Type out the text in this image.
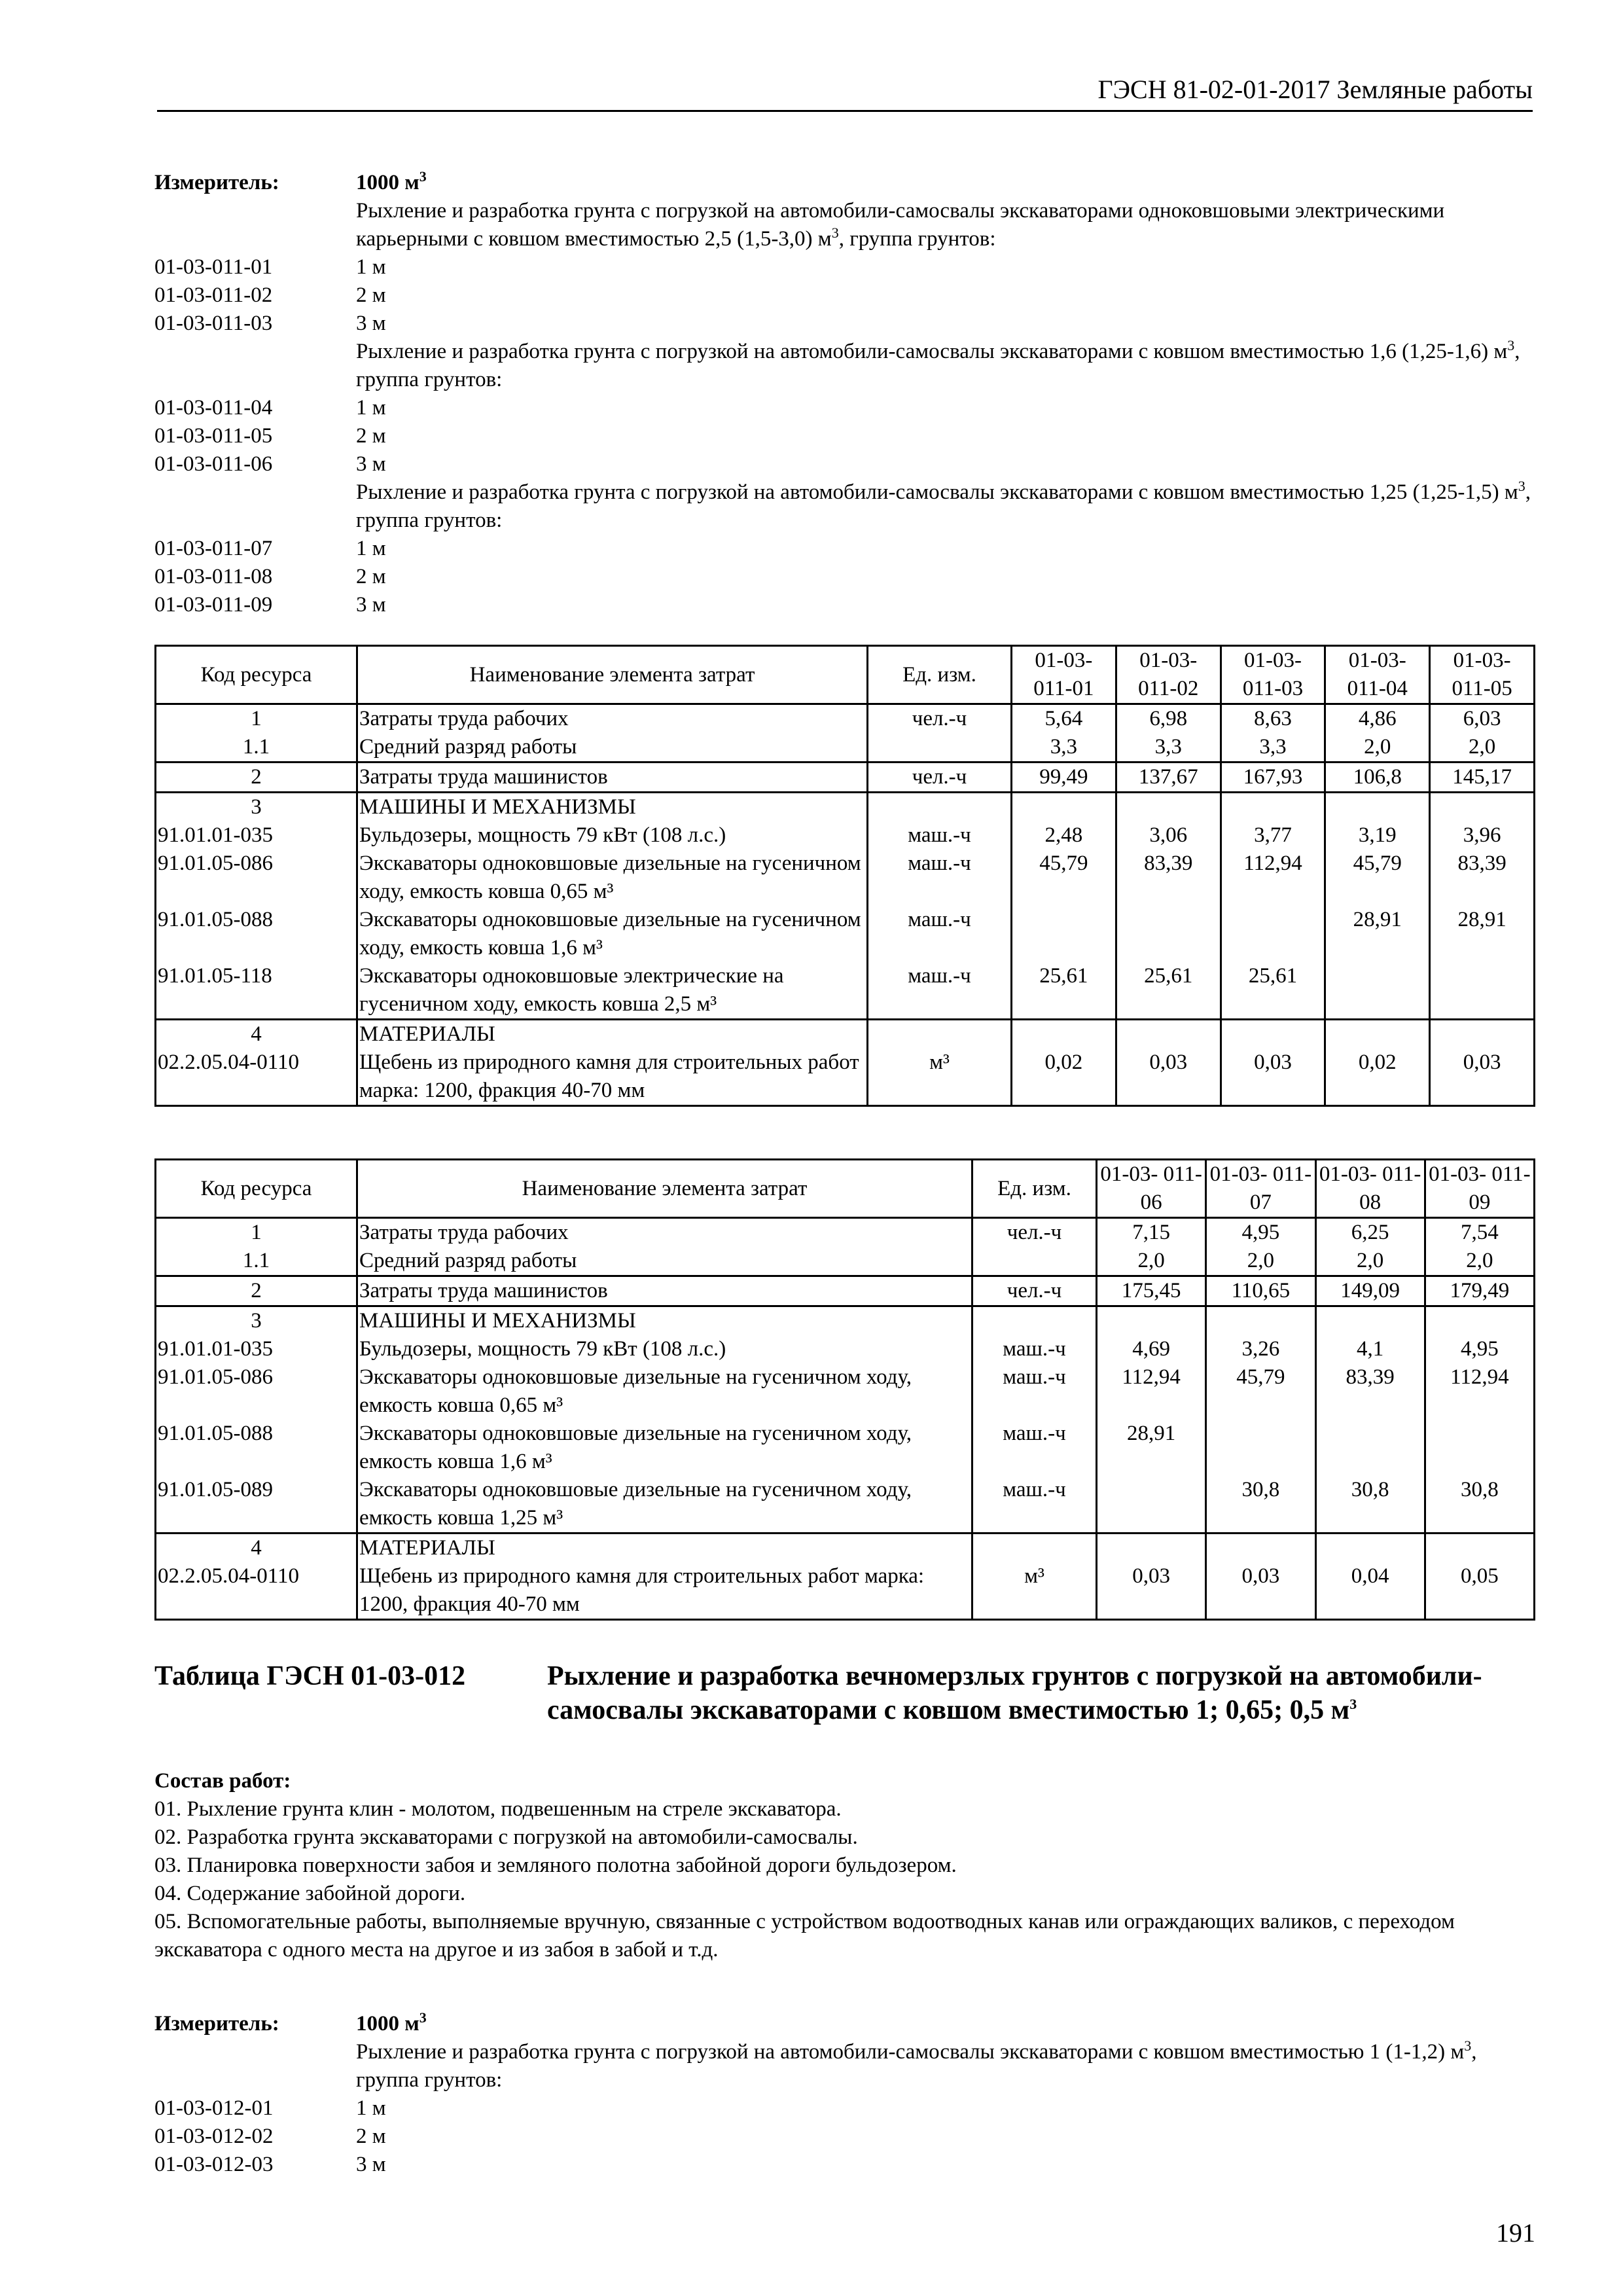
ГЭСН 81-02-01-2017 Земляные работы
Измеритель:	1000 $м^3$
Рыхление и разработка грунта с погрузкой на автомобили-самосвалы экскаваторами одноковшовыми электрическими карьерными с ковшом вместимостью 2,5 (1,5-3,0) $м^3$, группа грунтов:
01-03-011-01	1 м
01-03-011-02	2 м
01-03-011-03	3 м
Рыхление и разработка грунта с погрузкой на автомобили-самосвалы экскаваторами с ковшом вместимостью 1,6 (1,25-1,6) $м^3$, группа грунтов:
01-03-011-04	1 м
01-03-011-05	2 м
01-03-011-06	3 м
Рыхление и разработка грунта с погрузкой на автомобили-самосвалы экскаваторами с ковшом вместимостью 1,25 (1,25-1,5) $м^3$, группа грунтов:
01-03-011-07	1 м
01-03-011-08	2 м
01-03-011-09	3 м
Код ресурса	Наименование элемента затрат	Ед. изм.	01-03- 011-01	01-03- 011-02	01-03- 011-03	01-03- 011-04	01-03- 011-05
1	Затраты труда рабочих	чел.-ч	5,64	6,98	8,63	4,86	6,03
1.1	Средний разряд работы		3,3	3,3	3,3	2,0	2,0
2	Затраты труда машинистов	чел.-ч	99,49	137,67	167,93	106,8	145,17
3	МАШИНЫ И МЕХАНИЗМЫ						
91.01.01-035	Бульдозеры, мощность 79 кВт (108 л.с.)	маш.-ч	2,48	3,06	3,77	3,19	3,96
91.01.05-086	Экскаваторы одноковшовые дизельные на гусеничном ходу, емкость ковша 0,65 м³	маш.-ч	45,79	83,39	112,94	45,79	83,39
91.01.05-088	Экскаваторы одноковшовые дизельные на гусеничном ходу, емкость ковша 1,6 м³	маш.-ч				28,91	28,91
91.01.05-118	Экскаваторы одноковшовые электрические на гусеничном ходу, емкость ковша 2,5 м³	маш.-ч	25,61	25,61	25,61		
4	МАТЕРИАЛЫ						
02.2.05.04-0110	Щебень из природного камня для строительных работ марка: 1200, фракция 40-70 мм	м³	0,02	0,03	0,03	0,02	0,03
Код ресурса	Наименование элемента затрат	Ед. изм.	01-03- 011-06	01-03- 011-07	01-03- 011-08	01-03- 011-09
1	Затраты труда рабочих	чел.-ч	7,15	4,95	6,25	7,54
1.1	Средний разряд работы		2,0	2,0	2,0	2,0
2	Затраты труда машинистов	чел.-ч	175,45	110,65	149,09	179,49
3	МАШИНЫ И МЕХАНИЗМЫ					
91.01.01-035	Бульдозеры, мощность 79 кВт (108 л.с.)	маш.-ч	4,69	3,26	4,1	4,95
91.01.05-086	Экскаваторы одноковшовые дизельные на гусеничном ходу, емкость ковша 0,65 м³	маш.-ч	112,94	45,79	83,39	112,94
91.01.05-088	Экскаваторы одноковшовые дизельные на гусеничном ходу, емкость ковша 1,6 м³	маш.-ч	28,91			
91.01.05-089	Экскаваторы одноковшовые дизельные на гусеничном ходу, емкость ковша 1,25 м³	маш.-ч		30,8	30,8	30,8
4	МАТЕРИАЛЫ					
02.2.05.04-0110	Щебень из природного камня для строительных работ марка: 1200, фракция 40-70 мм	м³	0,03	0,03	0,04	0,05
Таблица ГЭСН 01-03-012	Рыхление и разработка вечномерзлых грунтов с погрузкой на автомобили-самосвалы экскаваторами с ковшом вместимостью 1; 0,65; 0,5 $м^3$
Состав работ:
01. Рыхление грунта клин - молотом, подвешенным на стреле экскаватора.
02. Разработка грунта экскаваторами с погрузкой на автомобили-самосвалы.
03. Планировка поверхности забоя и земляного полотна забойной дороги бульдозером.
04. Содержание забойной дороги.
05. Вспомогательные работы, выполняемые вручную, связанные с устройством водоотводных канав или ограждающих валиков, с переходом экскаватора с одного места на другое и из забоя в забой и т.д.
Измеритель:	1000 $м^3$
Рыхление и разработка грунта с погрузкой на автомобили-самосвалы экскаваторами с ковшом вместимостью 1 (1-1,2) $м^3$, группа грунтов:
01-03-012-01	1 м
01-03-012-02	2 м
01-03-012-03	3 м
191
